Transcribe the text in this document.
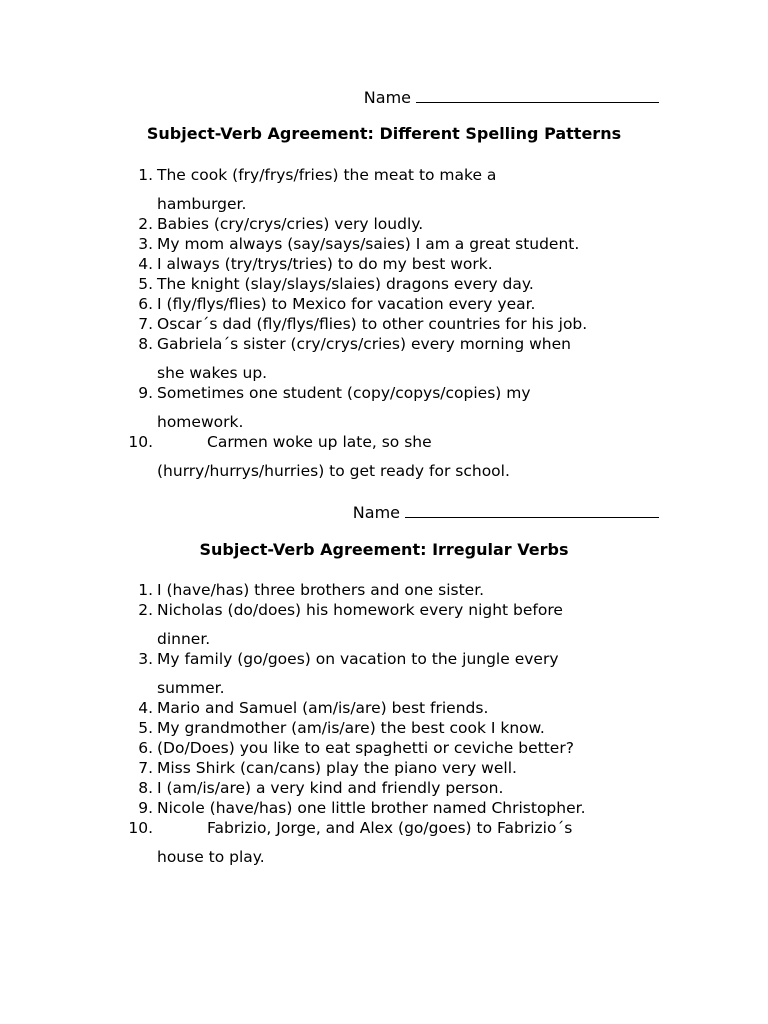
Name
Subject-Verb Agreement: Different Spelling Patterns
1. The cook (fry/frys/fries) the meat to make a
hamburger.
2. Babies (cry/crys/cries) very loudly.
3. My mom always (say/says/saies) I am a great student.
4. I always (try/trys/tries) to do my best work.
5. The knight (slay/slays/slaies) dragons every day.
6. I (fly/flys/flies) to Mexico for vacation every year.
7. Oscar´s dad (fly/flys/flies) to other countries for his job.
8. Gabriela´s sister (cry/crys/cries) every morning when
she wakes up.
9. Sometimes one student (copy/copys/copies) my
homework.
10.	Carmen woke up late, so she
(hurry/hurrys/hurries) to get ready for school.
Name
Subject-Verb Agreement: Irregular Verbs
1. I (have/has) three brothers and one sister.
2. Nicholas (do/does) his homework every night before
dinner.
3. My family (go/goes) on vacation to the jungle every
summer.
4. Mario and Samuel (am/is/are) best friends.
5. My grandmother (am/is/are) the best cook I know.
6. (Do/Does) you like to eat spaghetti or ceviche better?
7. Miss Shirk (can/cans) play the piano very well.
8. I (am/is/are) a very kind and friendly person.
9. Nicole (have/has) one little brother named Christopher.
10.	Fabrizio, Jorge, and Alex (go/goes) to Fabrizio´s
house to play.
